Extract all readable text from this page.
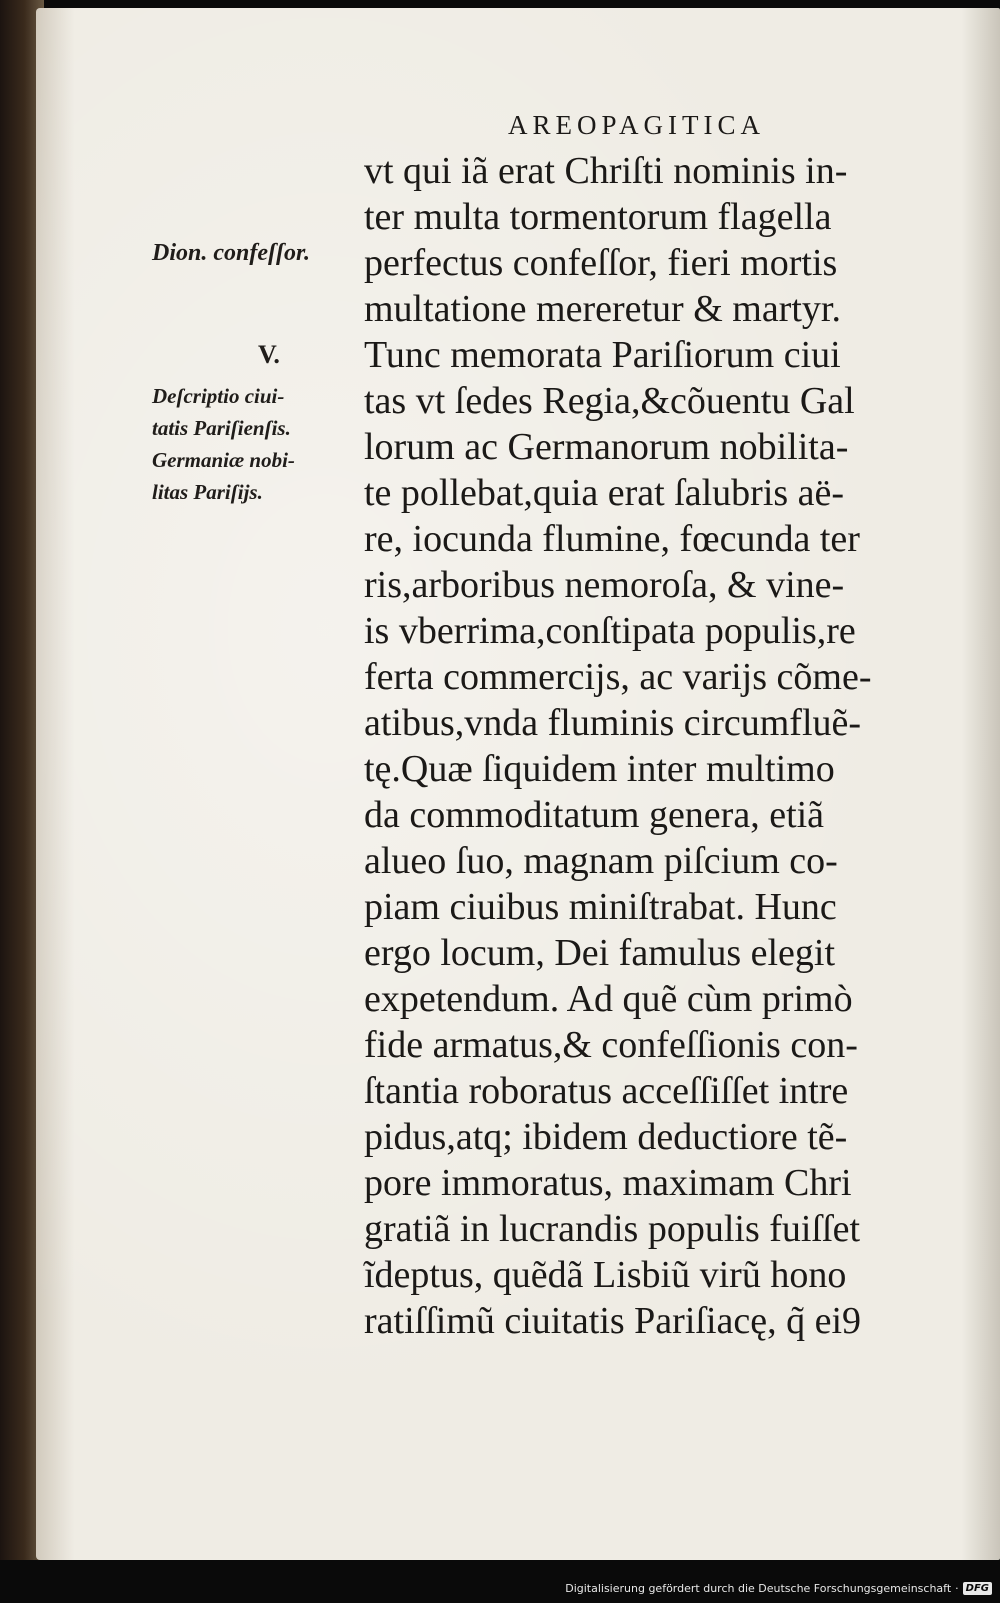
AREOPAGITICA
Dion. confeſſor.
V.
Deſcriptio ciui-
tatis Pariſienſis.
Germaniæ nobi-
litas Pariſijs.
vt qui iã erat Chriſti nominis in-
ter multa tormentorum flagella
perfectus confeſſor, fieri mortis
multatione mereretur & martyr.
Tunc memorata Pariſiorum ciui
tas vt ſedes Regia,&cõuentu Gal
lorum ac Germanorum nobilita-
te pollebat,quia erat ſalubris aë-
re, iocunda flumine, fœcunda ter
ris,arboribus nemoroſa, & vine-
is vberrima,conſtipata populis,re
ferta commercijs, ac varijs cõme-
atibus,vnda fluminis circumfluẽ-
tę.Quæ ſiquidem inter multimo
da commoditatum genera, etiã
alueo ſuo, magnam piſcium co-
piam ciuibus miniſtrabat. Hunc
ergo locum, Dei famulus elegit
expetendum. Ad quẽ cùm primò
fide armatus,& confeſſionis con-
ſtantia roboratus acceſſiſſet intre
pidus,atq; ibidem deductiore tẽ-
pore immoratus, maximam Chri
gratiã in lucrandis populis fuiſſet
ĩdeptus, quẽdã Lisbiũ virũ hono
ratiſſimũ ciuitatis Pariſiacę, q̃ ei9
Digitalisierung gefördert durch die Deutsche Forschungsgemeinschaft · DFG
